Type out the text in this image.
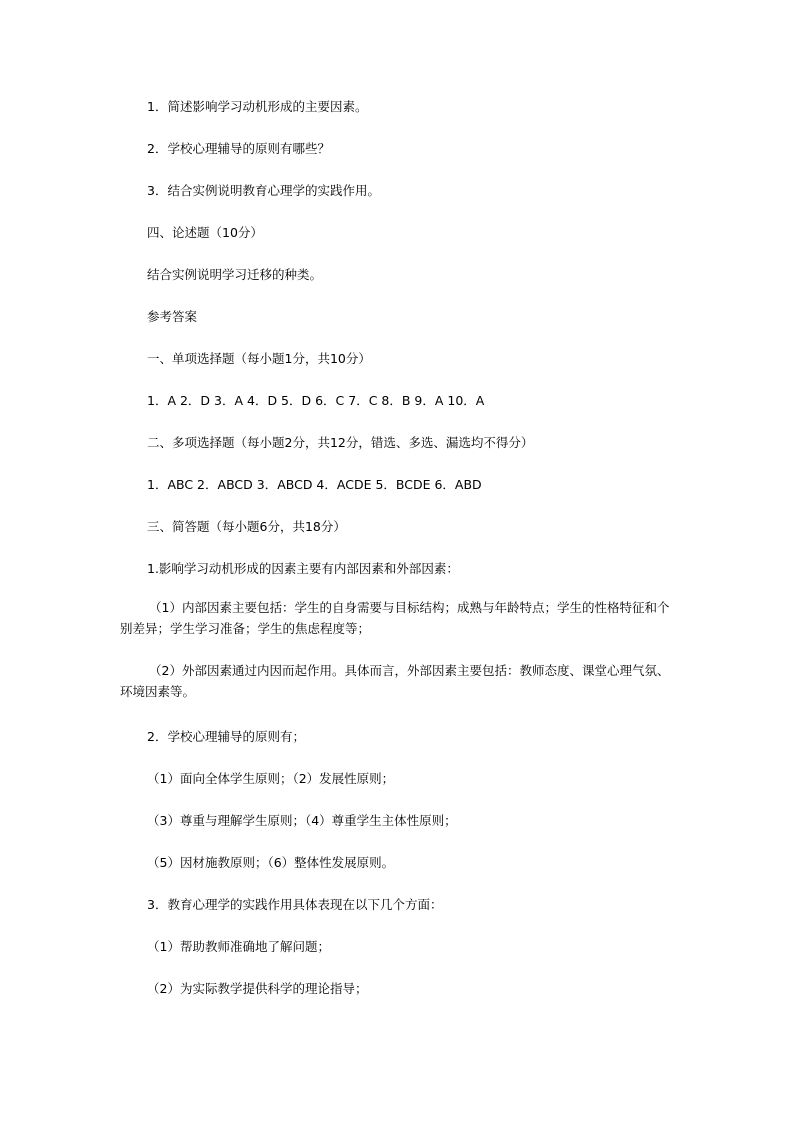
1．简述影响学习动机形成的主要因素。
2．学校心理辅导的原则有哪些？
3．结合实例说明教育心理学的实践作用。
四、论述题（10分）
结合实例说明学习迁移的种类。
参考答案
一、单项选择题（每小题1分，共10分）
1．A 2．D 3．A 4．D 5．D 6．C 7．C 8．B 9．A 10．A
二、多项选择题（每小题2分，共12分，错选、多选、漏选均不得分）
1．ABC 2．ABCD 3．ABCD 4．ACDE 5．BCDE 6．ABD
三、简答题（每小题6分，共18分）
1.影响学习动机形成的因素主要有内部因素和外部因素：
（1）内部因素主要包括：学生的自身需要与目标结构；成熟与年龄特点；学生的性格特征和个别差异；学生学习准备；学生的焦虑程度等；
（2）外部因素通过内因而起作用。具体而言，外部因素主要包括：教师态度、课堂心理气氛、环境因素等。
2．学校心理辅导的原则有；
（1）面向全体学生原则；（2）发展性原则；
（3）尊重与理解学生原则；（4）尊重学生主体性原则；
（5）因材施教原则；（6）整体性发展原则。
3．教育心理学的实践作用具体表现在以下几个方面：
（1）帮助教师准确地了解问题；
（2）为实际教学提供科学的理论指导；
